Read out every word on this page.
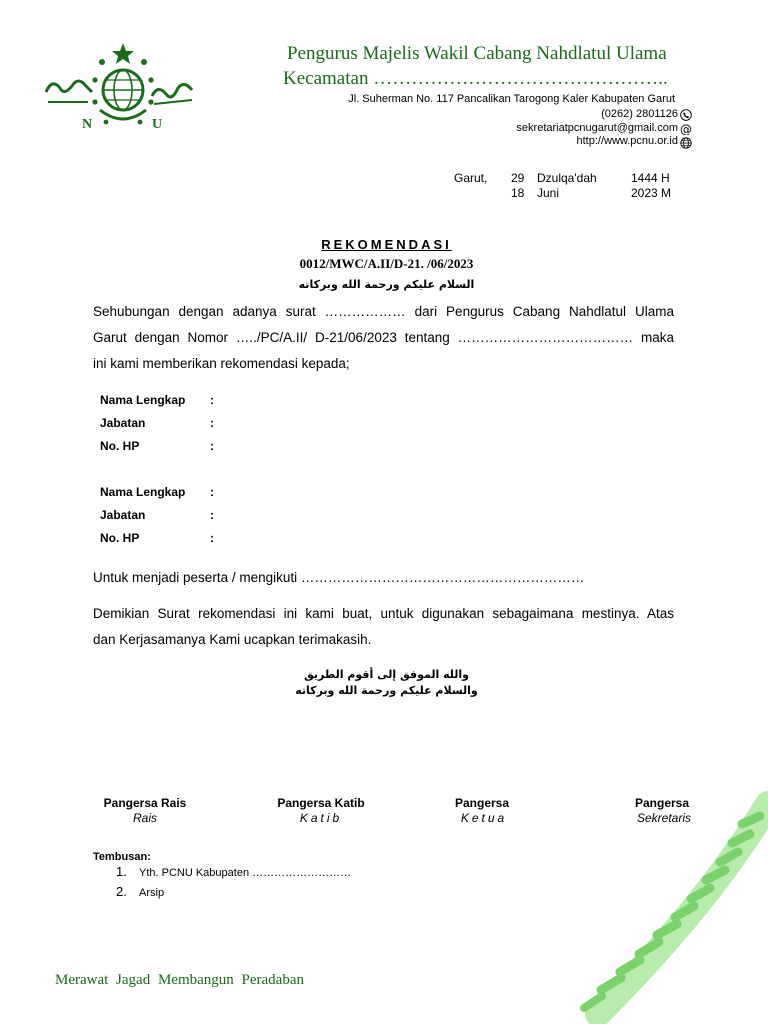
N	U
Pengurus Majelis Wakil Cabang Nahdlatul Ulama
Kecamatan ………………………………………..
Jl. Suherman No. 117 Pancalikan Tarogong Kaler Kabupaten Garut
(0262) 2801126
sekretariatpcnugarut@gmail.com @
http://www.pcnu.or.id
Garut, 29 Dzulqa'dah	1444 H
18 Juni	2023 M
REKOMENDASI
0012/MWC/A.II/D-21. /06/2023
السلام عليكم ورحمة الله وبركاته

Sehubungan dengan adanya surat ……………… dari Pengurus Cabang Nahdlatul Ulama

Garut dengan Nomor …../PC/A.II/ D-21/06/2023 tentang ………………………………… maka

ini kami memberikan rekomendasi kepada;

Nama Lengkap :
Jabatan	:
No. HP	:
Nama Lengkap :
Jabatan	:
No. HP	:
Untuk menjadi peserta / mengikuti ………………………………………………………

Demikian Surat rekomendasi ini kami buat, untuk digunakan sebagaimana mestinya. Atas

dan Kerjasamanya Kami ucapkan terimakasih.

والله الموفق إلى أقوم الطريق
والسلام عليكم ورحمة الله وبركاته
Pangersa Rais
Rais
Pangersa Katib
Katib
Pangersa
Ketua
Pangersa
Sekretaris
Tembusan:
1. Yth. PCNU Kabupaten ………………………
2. Arsip
Merawat Jagad Membangun Peradaban
